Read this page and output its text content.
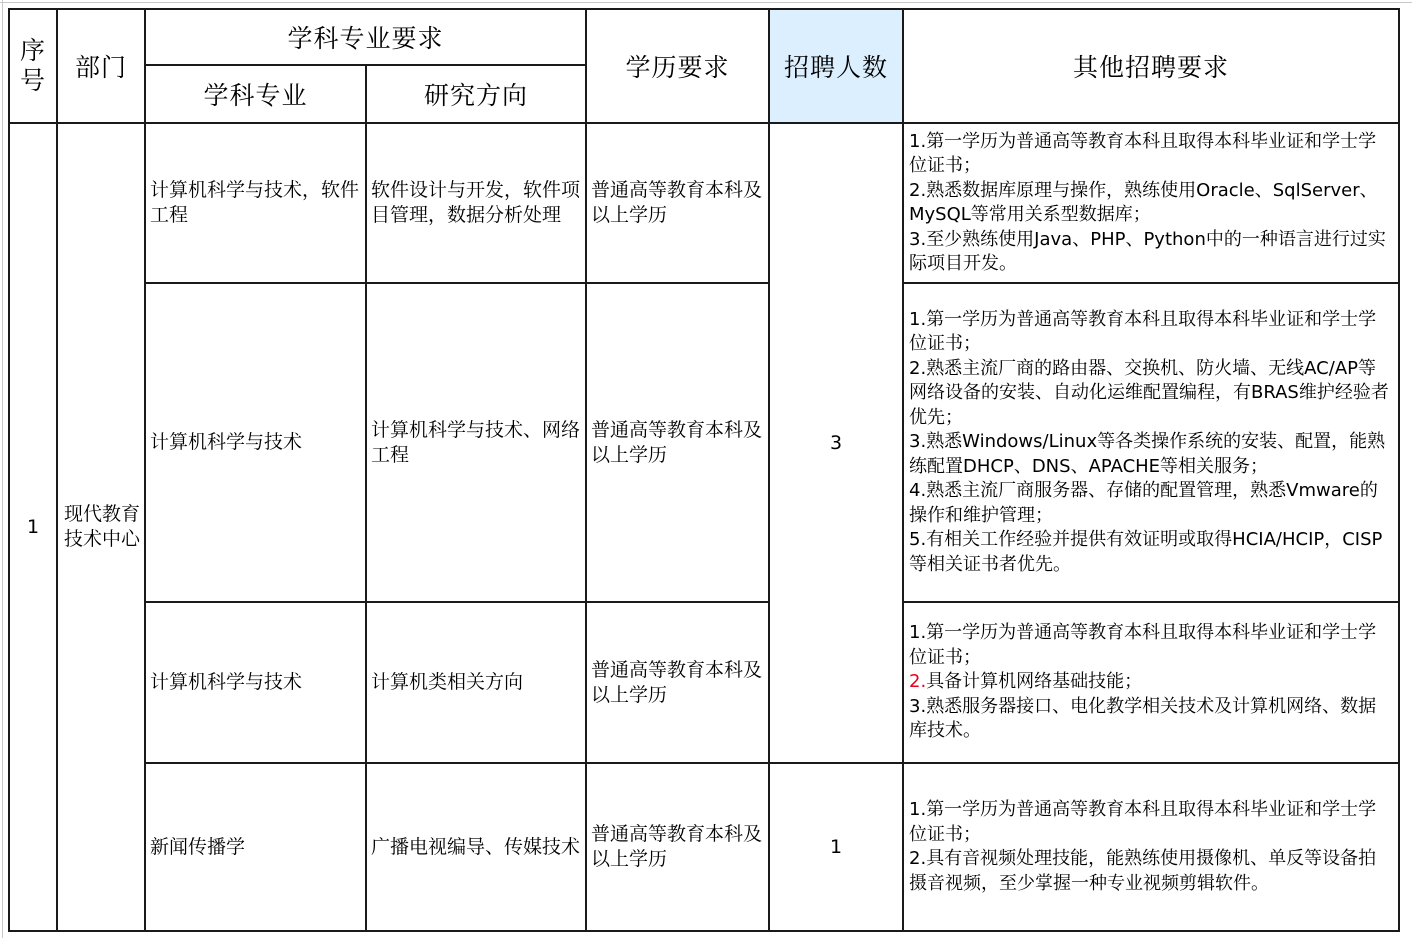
序号	部门	学科专业要求		学历要求	招聘人数	其他招聘要求
		学科专业	研究方向			
1	现代教育技术中心	计算机科学与技术，软件工程	软件设计与开发，软件项目管理，数据分析处理	普通高等教育本科及以上学历	3	1.第一学历为普通高等教育本科且取得本科毕业证和学士学位证书；
2.熟悉数据库原理与操作，熟练使用Oracle、SqlServer、MySQL等常用关系型数据库；
3.至少熟练使用Java、PHP、Python中的一种语言进行过实际项目开发。

		计算机科学与技术	计算机科学与技术、网络工程	普通高等教育本科及以上学历		1.第一学历为普通高等教育本科且取得本科毕业证和学士学位证书；
2.熟悉主流厂商的路由器、交换机、防火墙、无线AC/AP等网络设备的安装、自动化运维配置编程，有BRAS维护经验者优先；
3.熟悉Windows/Linux等各类操作系统的安装、配置，能熟练配置DHCP、DNS、APACHE等相关服务；
4.熟悉主流厂商服务器、存储的配置管理，熟悉Vmware的操作和维护管理；
5.有相关工作经验并提供有效证明或取得HCIA/HCIP，CISP等相关证书者优先。

		计算机科学与技术	计算机类相关方向	普通高等教育本科及以上学历		1.第一学历为普通高等教育本科且取得本科毕业证和学士学位证书；
2.具备计算机网络基础技能；
3.熟悉服务器接口、电化教学相关技术及计算机网络、数据库技术。

		新闻传播学	广播电视编导、传媒技术	普通高等教育本科及以上学历	1	1.第一学历为普通高等教育本科且取得本科毕业证和学士学位证书；
2.具有音视频处理技能，能熟练使用摄像机、单反等设备拍摄音视频，至少掌握一种专业视频剪辑软件。
